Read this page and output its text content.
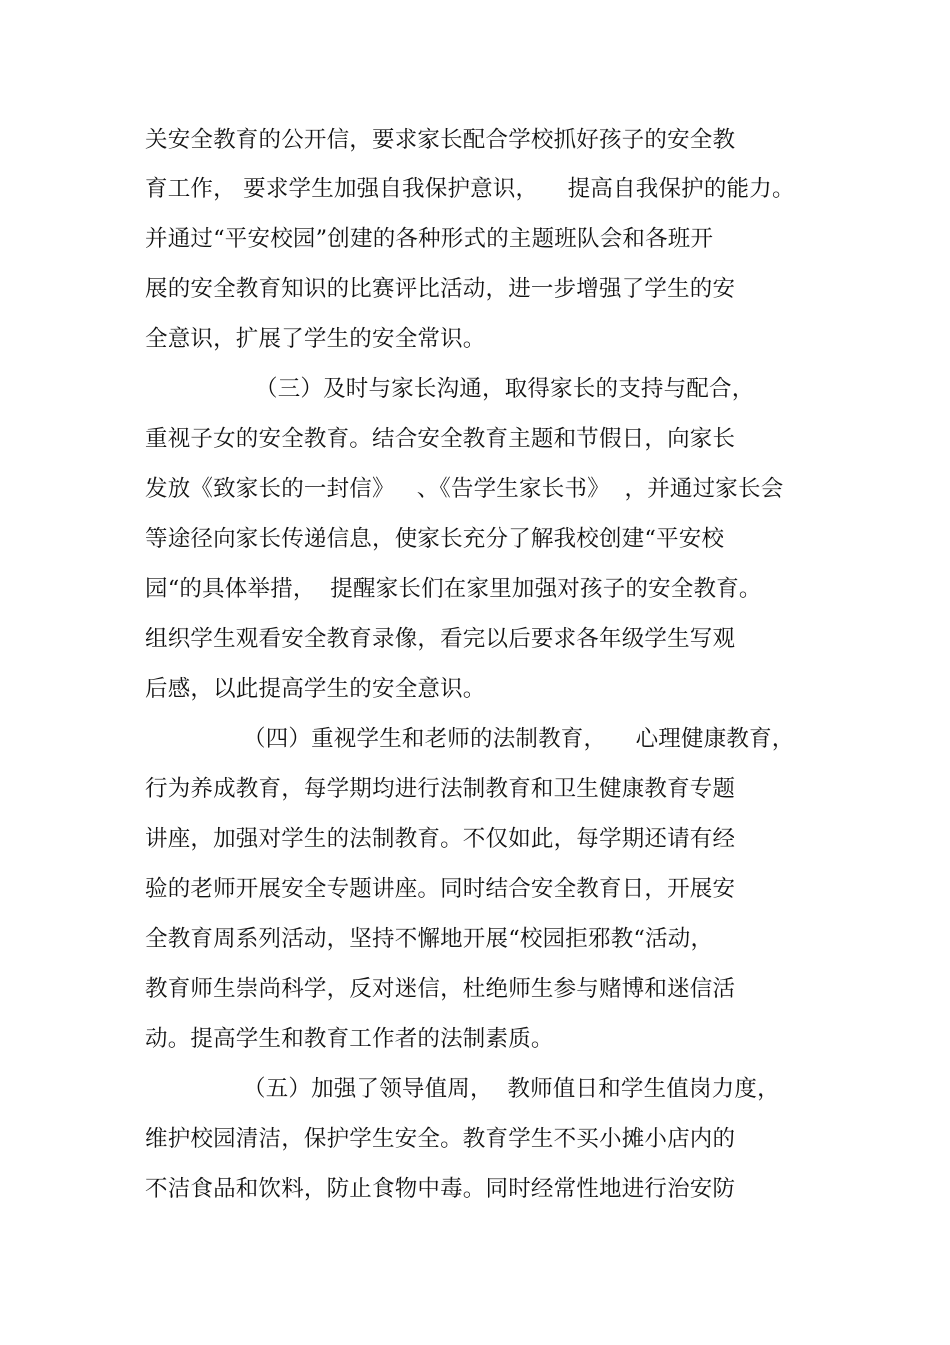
关安全教育的公开信，要求家长配合学校抓好孩子的安全教
育工作， 要求学生加强自我保护意识，    提高自我保护的能力。
并通过“平安校园”创建的各种形式的主题班队会和各班开
展的安全教育知识的比赛评比活动，进一步增强了学生的安
全意识，扩展了学生的安全常识。
（三）及时与家长沟通，取得家长的支持与配合，
重视子女的安全教育。结合安全教育主题和节假日，向家长
发放《致家长的一封信》   、《告学生家长书》  ，并通过家长会
等途径向家长传递信息，使家长充分了解我校创建“平安校
园“的具体举措，  提醒家长们在家里加强对孩子的安全教育。
组织学生观看安全教育录像，看完以后要求各年级学生写观
后感，以此提高学生的安全意识。
（四）重视学生和老师的法制教育，    心理健康教育，
行为养成教育，每学期均进行法制教育和卫生健康教育专题
讲座，加强对学生的法制教育。不仅如此，每学期还请有经
验的老师开展安全专题讲座。同时结合安全教育日，开展安
全教育周系列活动，坚持不懈地开展“校园拒邪教“活动，
教育师生崇尚科学，反对迷信，杜绝师生参与赌博和迷信活
动。提高学生和教育工作者的法制素质。
（五）加强了领导值周，  教师值日和学生值岗力度，
维护校园清洁，保护学生安全。教育学生不买小摊小店内的
不洁食品和饮料，防止食物中毒。同时经常性地进行治安防
